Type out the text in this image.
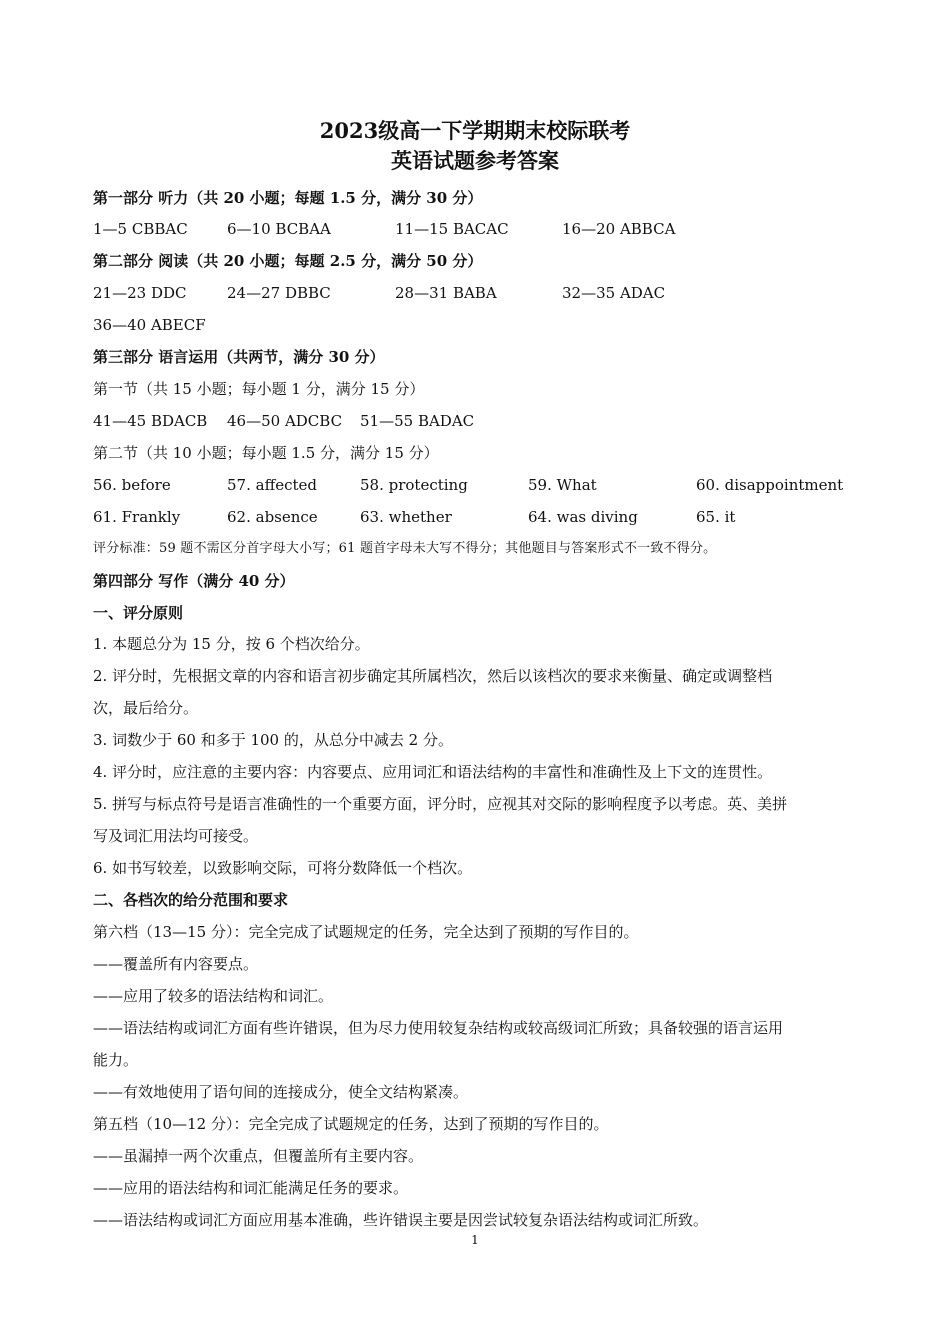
2023级高一下学期期末校际联考
英语试题参考答案
第一部分 听力（共 20 小题；每题 1.5 分，满分 30 分）
1—5 CBBAC	6—10 BCBAA	11—15 BACAC	16—20 ABBCA
第二部分 阅读（共 20 小题；每题 2.5 分，满分 50 分）
21—23 DDC	24—27 DBBC	28—31 BABA	32—35 ADAC
36—40 ABECF
第三部分 语言运用（共两节，满分 30 分）
第一节（共 15 小题；每小题 1 分，满分 15 分）
41—45 BDACB 46—50 ADCBC 51—55 BADAC
第二节（共 10 小题；每小题 1.5 分，满分 15 分）
56. before	57. affected	58. protecting	59. What	60. disappointment
61. Frankly	62. absence	63. whether	64. was diving	65. it
评分标准：59 题不需区分首字母大小写；61 题首字母未大写不得分；其他题目与答案形式不一致不得分。
第四部分 写作（满分 40 分）
一、评分原则
1. 本题总分为 15 分，按 6 个档次给分。
2. 评分时，先根据文章的内容和语言初步确定其所属档次，然后以该档次的要求来衡量、确定或调整档
次，最后给分。
3. 词数少于 60 和多于 100 的，从总分中减去 2 分。
4. 评分时，应注意的主要内容：内容要点、应用词汇和语法结构的丰富性和准确性及上下文的连贯性。
5. 拼写与标点符号是语言准确性的一个重要方面，评分时，应视其对交际的影响程度予以考虑。英、美拼
写及词汇用法均可接受。
6. 如书写较差，以致影响交际，可将分数降低一个档次。
二、各档次的给分范围和要求
第六档（13—15 分）：完全完成了试题规定的任务，完全达到了预期的写作目的。
——覆盖所有内容要点。
——应用了较多的语法结构和词汇。
——语法结构或词汇方面有些许错误，但为尽力使用较复杂结构或较高级词汇所致；具备较强的语言运用
能力。
——有效地使用了语句间的连接成分，使全文结构紧凑。
第五档（10—12 分）：完全完成了试题规定的任务，达到了预期的写作目的。
——虽漏掉一两个次重点，但覆盖所有主要内容。
——应用的语法结构和词汇能满足任务的要求。
——语法结构或词汇方面应用基本准确，些许错误主要是因尝试较复杂语法结构或词汇所致。
1
